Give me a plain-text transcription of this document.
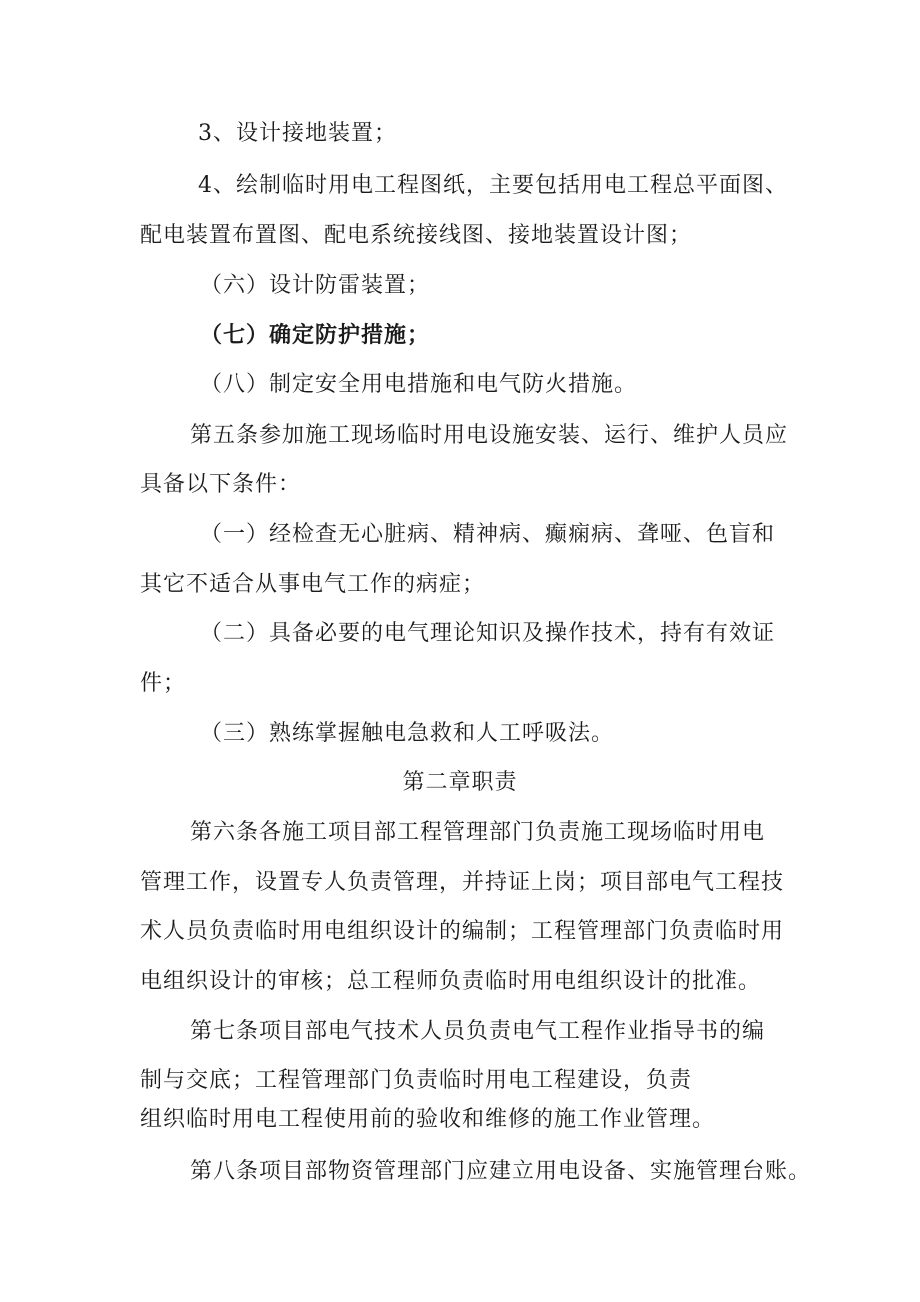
3、设计接地装置；
4、绘制临时用电工程图纸，主要包括用电工程总平面图、
配电装置布置图、配电系统接线图、接地装置设计图；
（六）设计防雷装置；
（七）确定防护措施；
（八）制定安全用电措施和电气防火措施。
第五条参加施工现场临时用电设施安装、运行、维护人员应
具备以下条件：
（一）经检查无心脏病、精神病、癫痫病、聋哑、色盲和
其它不适合从事电气工作的病症；
（二）具备必要的电气理论知识及操作技术，持有有效证
件；
（三）熟练掌握触电急救和人工呼吸法。
第二章职责
第六条各施工项目部工程管理部门负责施工现场临时用电
管理工作，设置专人负责管理，并持证上岗；项目部电气工程技
术人员负责临时用电组织设计的编制；工程管理部门负责临时用
电组织设计的审核；总工程师负责临时用电组织设计的批准。
第七条项目部电气技术人员负责电气工程作业指导书的编
制与交底；工程管理部门负责临时用电工程建设，负责
组织临时用电工程使用前的验收和维修的施工作业管理。
第八条项目部物资管理部门应建立用电设备、实施管理台账。
